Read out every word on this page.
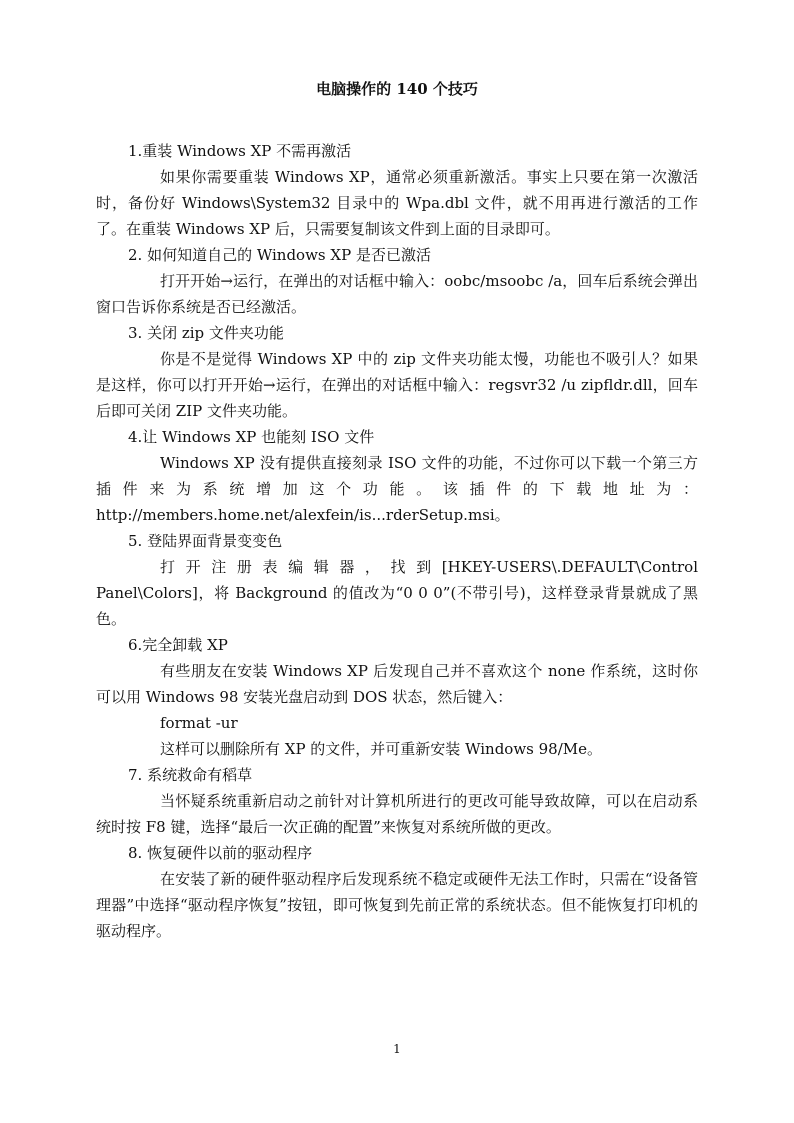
电脑操作的 140 个技巧
1.重装 Windows XP 不需再激活

如果你需要重装 Windows XP，通常必须重新激活。事实上只要在第一次激活时，备份好 Windows\System32 目录中的 Wpa.dbl 文件，就不用再进行激活的工作了。在重装 Windows XP 后，只需要复制该文件到上面的目录即可。

2. 如何知道自己的 Windows XP 是否已激活

打开开始→运行，在弹出的对话框中输入：oobc/msoobc /a，回车后系统会弹出窗口告诉你系统是否已经激活。

3. 关闭 zip 文件夹功能

你是不是觉得 Windows XP 中的 zip 文件夹功能太慢，功能也不吸引人？如果是这样，你可以打开开始→运行，在弹出的对话框中输入：regsvr32 /u zipfldr.dll，回车后即可关闭 ZIP 文件夹功能。

4.让 Windows XP 也能刻 ISO 文件

Windows XP 没有提供直接刻录 ISO 文件的功能，不过你可以下载一个第三方插件来为系统增加这个功能。该插件的下载地址为：

http://members.home.net/alexfein/is...rderSetup.msi。

5. 登陆界面背景变变色

打开注册表编辑器，找到[HKEY-USERS\.DEFAULT\Control Panel\Colors]，将 Background 的值改为“0 0 0”(不带引号)，这样登录背景就成了黑色。

6.完全卸载 XP

有些朋友在安装 Windows XP 后发现自己并不喜欢这个 none 作系统，这时你可以用 Windows 98 安装光盘启动到 DOS 状态，然后键入：

format -ur
这样可以删除所有 XP 的文件，并可重新安装 Windows 98/Me。
7. 系统救命有稻草

当怀疑系统重新启动之前针对计算机所进行的更改可能导致故障，可以在启动系统时按 F8 键，选择“最后一次正确的配置”来恢复对系统所做的更改。

8. 恢复硬件以前的驱动程序

在安装了新的硬件驱动程序后发现系统不稳定或硬件无法工作时，只需在“设备管理器”中选择“驱动程序恢复”按钮，即可恢复到先前正常的系统状态。但不能恢复打印机的驱动程序。

1
